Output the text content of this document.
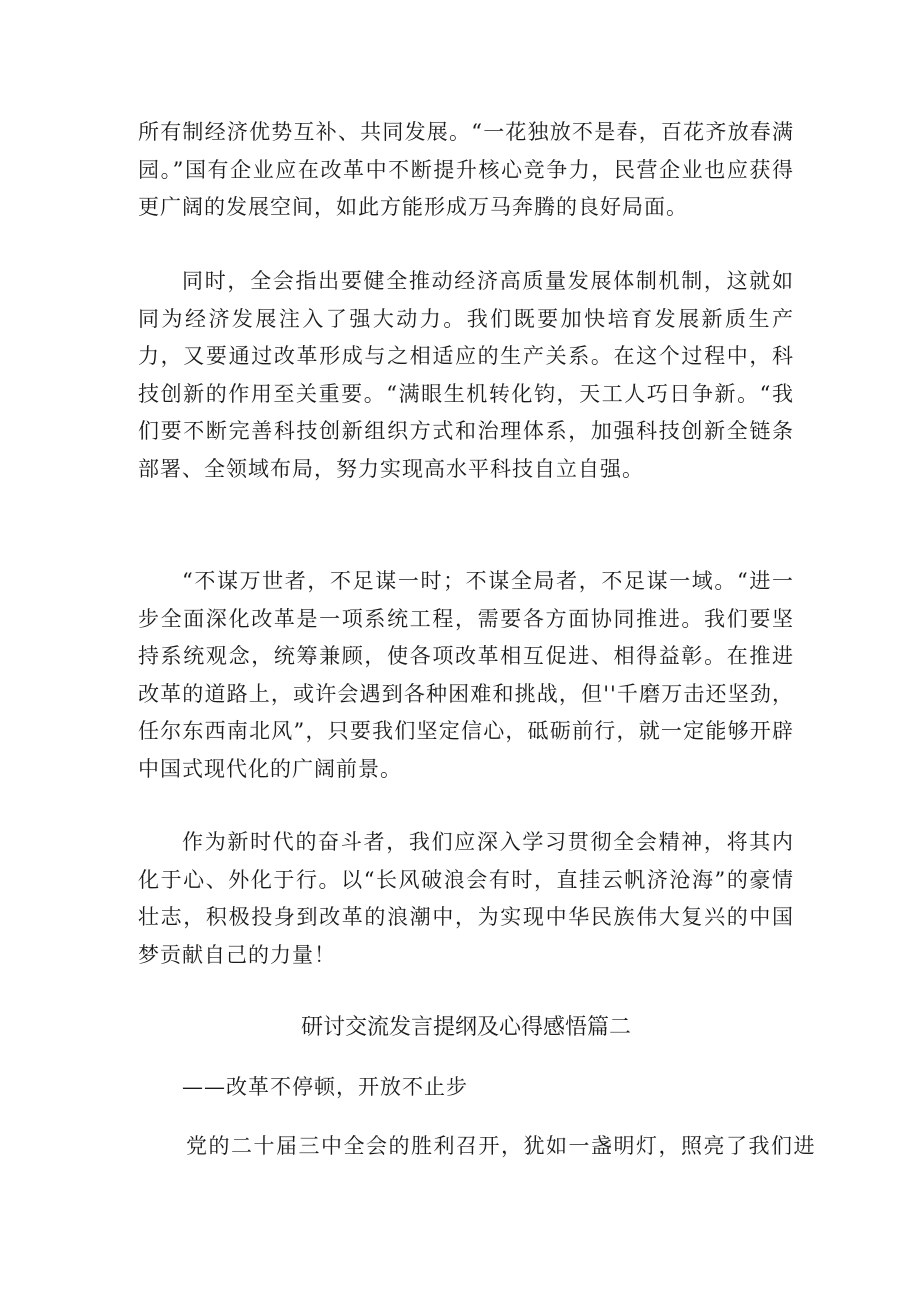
所有制经济优势互补、共同发展。“一花独放不是春，百花齐放春满园。”国有企业应在改革中不断提升核心竞争力，民营企业也应获得更广阔的发展空间，如此方能形成万马奔腾的良好局面。

同时，全会指出要健全推动经济高质量发展体制机制，这就如同为经济发展注入了强大动力。我们既要加快培育发展新质生产力，又要通过改革形成与之相适应的生产关系。在这个过程中，科技创新的作用至关重要。“满眼生机转化钧，天工人巧日争新。“我们要不断完善科技创新组织方式和治理体系，加强科技创新全链条部署、全领域布局，努力实现高水平科技自立自强。

“不谋万世者，不足谋一时；不谋全局者，不足谋一域。“进一步全面深化改革是一项系统工程，需要各方面协同推进。我们要坚持系统观念，统筹兼顾，使各项改革相互促进、相得益彰。在推进改革的道路上，或许会遇到各种困难和挑战，但''千磨万击还坚劲，任尔东西南北风”，只要我们坚定信心，砥砺前行，就一定能够开辟中国式现代化的广阔前景。

作为新时代的奋斗者，我们应深入学习贯彻全会精神，将其内化于心、外化于行。以“长风破浪会有时，直挂云帆济沧海”的豪情壮志，积极投身到改革的浪潮中，为实现中华民族伟大复兴的中国梦贡献自己的力量！

研讨交流发言提纲及心得感悟篇二

——改革不停顿，开放不止步

党的二十届三中全会的胜利召开，犹如一盏明灯，照亮了我们进
